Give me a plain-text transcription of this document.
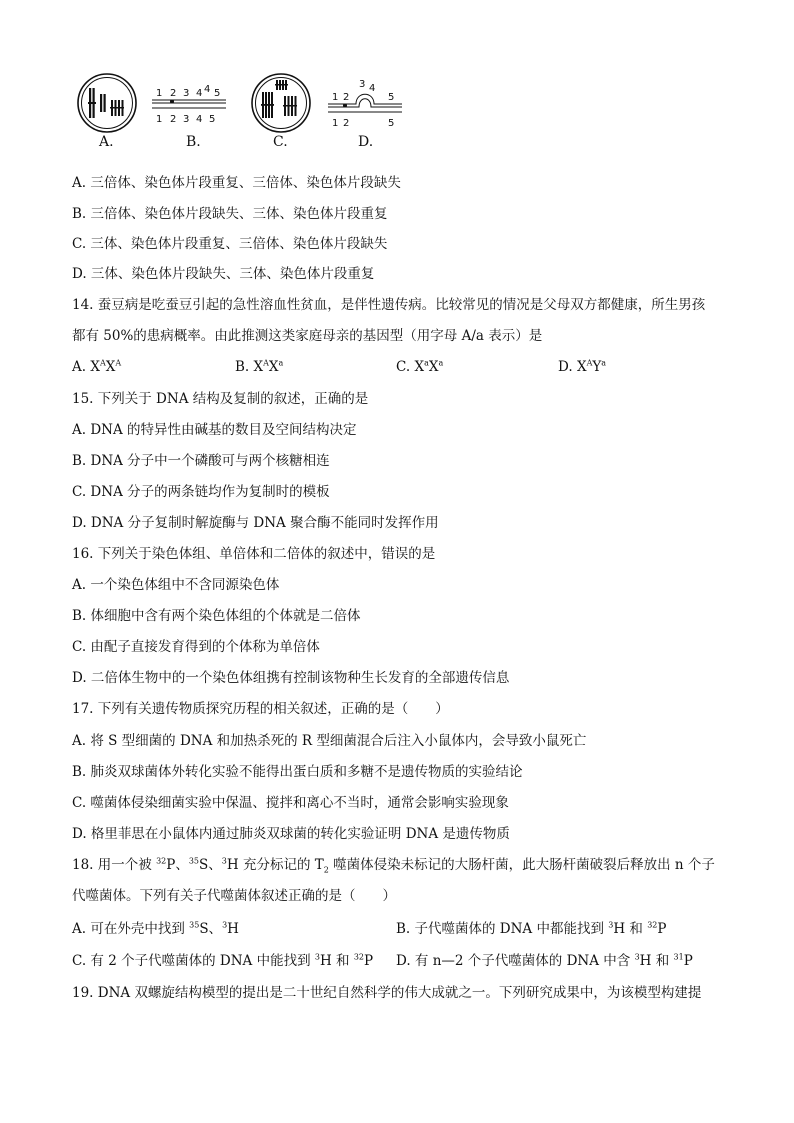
A.
1 2 3 4 4 5
1 2 3 4 5
B.	C.
3 4
1 2	5
1 2	5
D.
A. 三倍体、染色体片段重复、三倍体、染色体片段缺失
B. 三倍体、染色体片段缺失、三体、染色体片段重复
C. 三体、染色体片段重复、三倍体、染色体片段缺失
D. 三体、染色体片段缺失、三体、染色体片段重复
14. 蚕豆病是吃蚕豆引起的急性溶血性贫血，是伴性遗传病。比较常见的情况是父母双方都健康，所生男孩
都有 50%的患病概率。由此推测这类家庭母亲的基因型（用字母 A/a 表示）是
A. $X^AX^A$	B. $X^AX^a$	C. $X^aX^a$	D. $X^AY^a$
15. 下列关于 DNA 结构及复制的叙述，正确的是
A. DNA 的特异性由碱基的数目及空间结构决定
B. DNA 分子中一个磷酸可与两个核糖相连
C. DNA 分子的两条链均作为复制时的模板
D. DNA 分子复制时解旋酶与 DNA 聚合酶不能同时发挥作用
16. 下列关于染色体组、单倍体和二倍体的叙述中，错误的是
A. 一个染色体组中不含同源染色体
B. 体细胞中含有两个染色体组的个体就是二倍体
C. 由配子直接发育得到的个体称为单倍体
D. 二倍体生物中的一个染色体组携有控制该物种生长发育的全部遗传信息
17. 下列有关遗传物质探究历程的相关叙述，正确的是（　　）
A. 将 S 型细菌的 DNA 和加热杀死的 R 型细菌混合后注入小鼠体内，会导致小鼠死亡
B. 肺炎双球菌体外转化实验不能得出蛋白质和多糖不是遗传物质的实验结论
C. 噬菌体侵染细菌实验中保温、搅拌和离心不当时，通常会影响实验现象
D. 格里菲思在小鼠体内通过肺炎双球菌的转化实验证明 DNA 是遗传物质
18. 用一个被 $^{32}$P、$^{35}$S、$^3$H 充分标记的 $T_2$ 噬菌体侵染未标记的大肠杆菌，此大肠杆菌破裂后释放出 n 个子
代噬菌体。下列有关子代噬菌体叙述正确的是（　　）
A. 可在外壳中找到 $^{35}$S、$^3$H	B. 子代噬菌体的 DNA 中都能找到 $^3$H 和 $^{32}$P
C. 有 2 个子代噬菌体的 DNA 中能找到 $^3$H 和 $^{32}$P D. 有 n—2 个子代噬菌体的 DNA 中含 $^3$H 和 $^{31}$P
19. DNA 双螺旋结构模型的提出是二十世纪自然科学的伟大成就之一。下列研究成果中，为该模型构建提
